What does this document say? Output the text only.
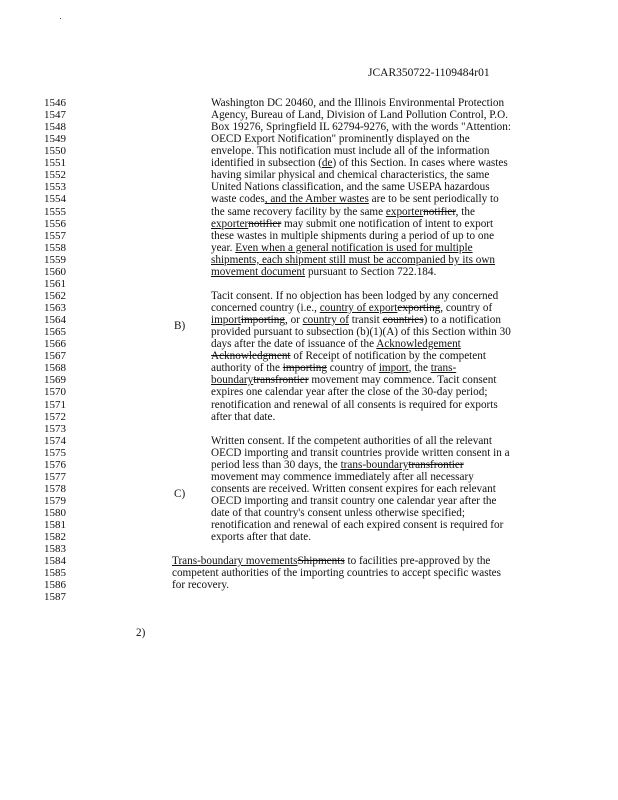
JCAR350722-1109484r01
1546
1547
1548
1549
1550
1551
1552
1553
1554
1555
1556
1557
1558
1559
1560
1561
1562
1563
1564
1565
1566
1567
1568
1569
1570
1571
1572
1573
1574
1575
1576
1577
1578
1579
1580
1581
1582
1583
1584
1585
1586
1587
Washington DC 20460, and the Illinois Environmental Protection
Agency, Bureau of Land, Division of Land Pollution Control, P.O.
Box 19276, Springfield IL 62794-9276, with the words "Attention:
OECD Export Notification" prominently displayed on the
envelope. This notification must include all of the information
identified in subsection (de) of this Section. In cases where wastes
having similar physical and chemical characteristics, the same
United Nations classification, and the same USEPA hazardous
waste codes, and the Amber wastes are to be sent periodically to
the same recovery facility by the same exporternotifier, the
exporternotifier may submit one notification of intent to export
these wastes in multiple shipments during a period of up to one
year. Even when a general notification is used for multiple
shipments, each shipment still must be accompanied by its own
movement document pursuant to Section 722.184.
Tacit consent. If no objection has been lodged by any concerned
concerned country (i.e., country of exportexporting, country of
importimporting, or country of transit countries) to a notification
provided pursuant to subsection (b)(1)(A) of this Section within 30
days after the date of issuance of the Acknowledgement
Acknowledgment of Receipt of notification by the competent
authority of the importing country of import, the trans-
boundarytransfrontier movement may commence. Tacit consent
expires one calendar year after the close of the 30-day period;
renotification and renewal of all consents is required for exports
after that date.
Written consent. If the competent authorities of all the relevant
OECD importing and transit countries provide written consent in a
period less than 30 days, the trans-boundarytransfrontier
movement may commence immediately after all necessary
consents are received. Written consent expires for each relevant
OECD importing and transit country one calendar year after the
date of that country's consent unless otherwise specified;
renotification and renewal of each expired consent is required for
exports after that date.
Trans-boundary movementsShipments to facilities pre-approved by the
competent authorities of the importing countries to accept specific wastes
for recovery.
B)
C)
2)
